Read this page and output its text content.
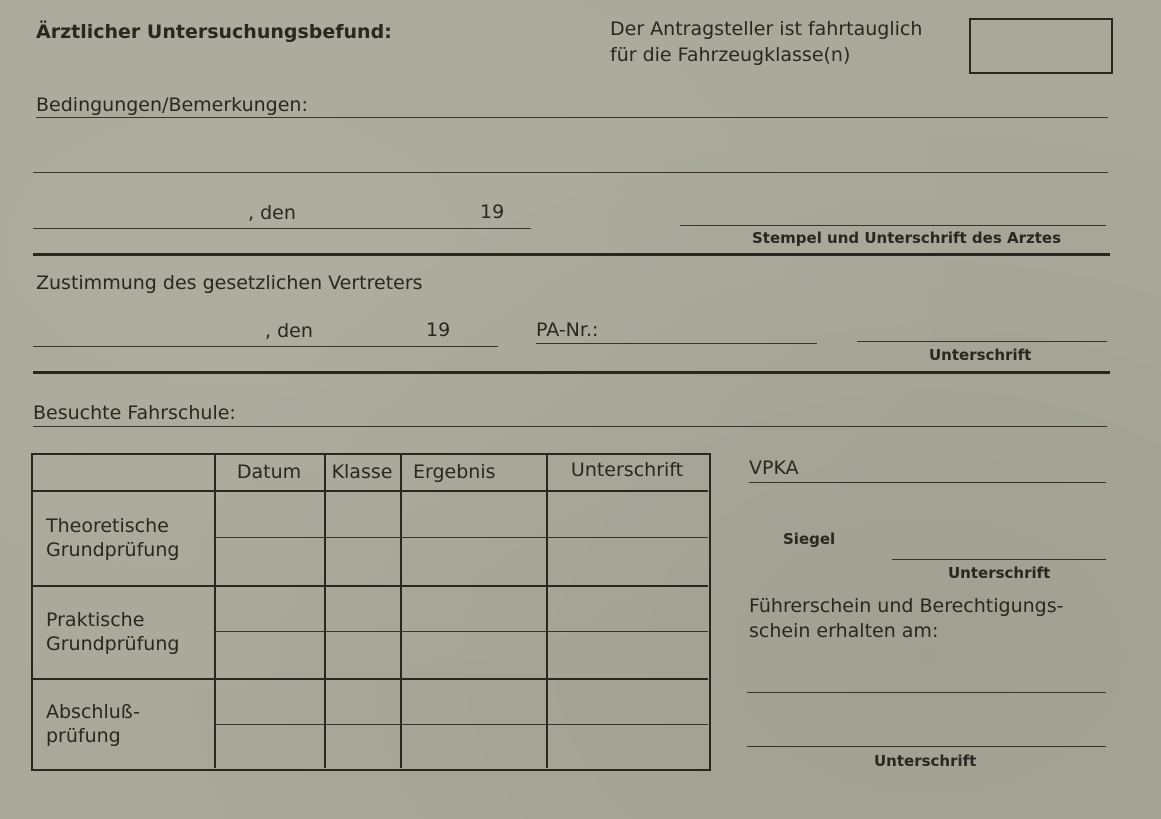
Ärztlicher Untersuchungsbefund:	Der Antragsteller ist fahrtauglich
für die Fahrzeugklasse(n)
Bedingungen/Bemerkungen:
, den	19
Stempel und Unterschrift des Arztes
Zustimmung des gesetzlichen Vertreters
, den	19	PA-Nr.:
Unterschrift
Besuchte Fahrschule:
Datum	Klasse	Ergebnis	Unterschrift
Theoretische
Grundprüfung
Praktische
Grundprüfung
Abschluß-
prüfung
VPKA
Siegel
Unterschrift
Führerschein und Berechtigungs-
schein erhalten am:
Unterschrift
